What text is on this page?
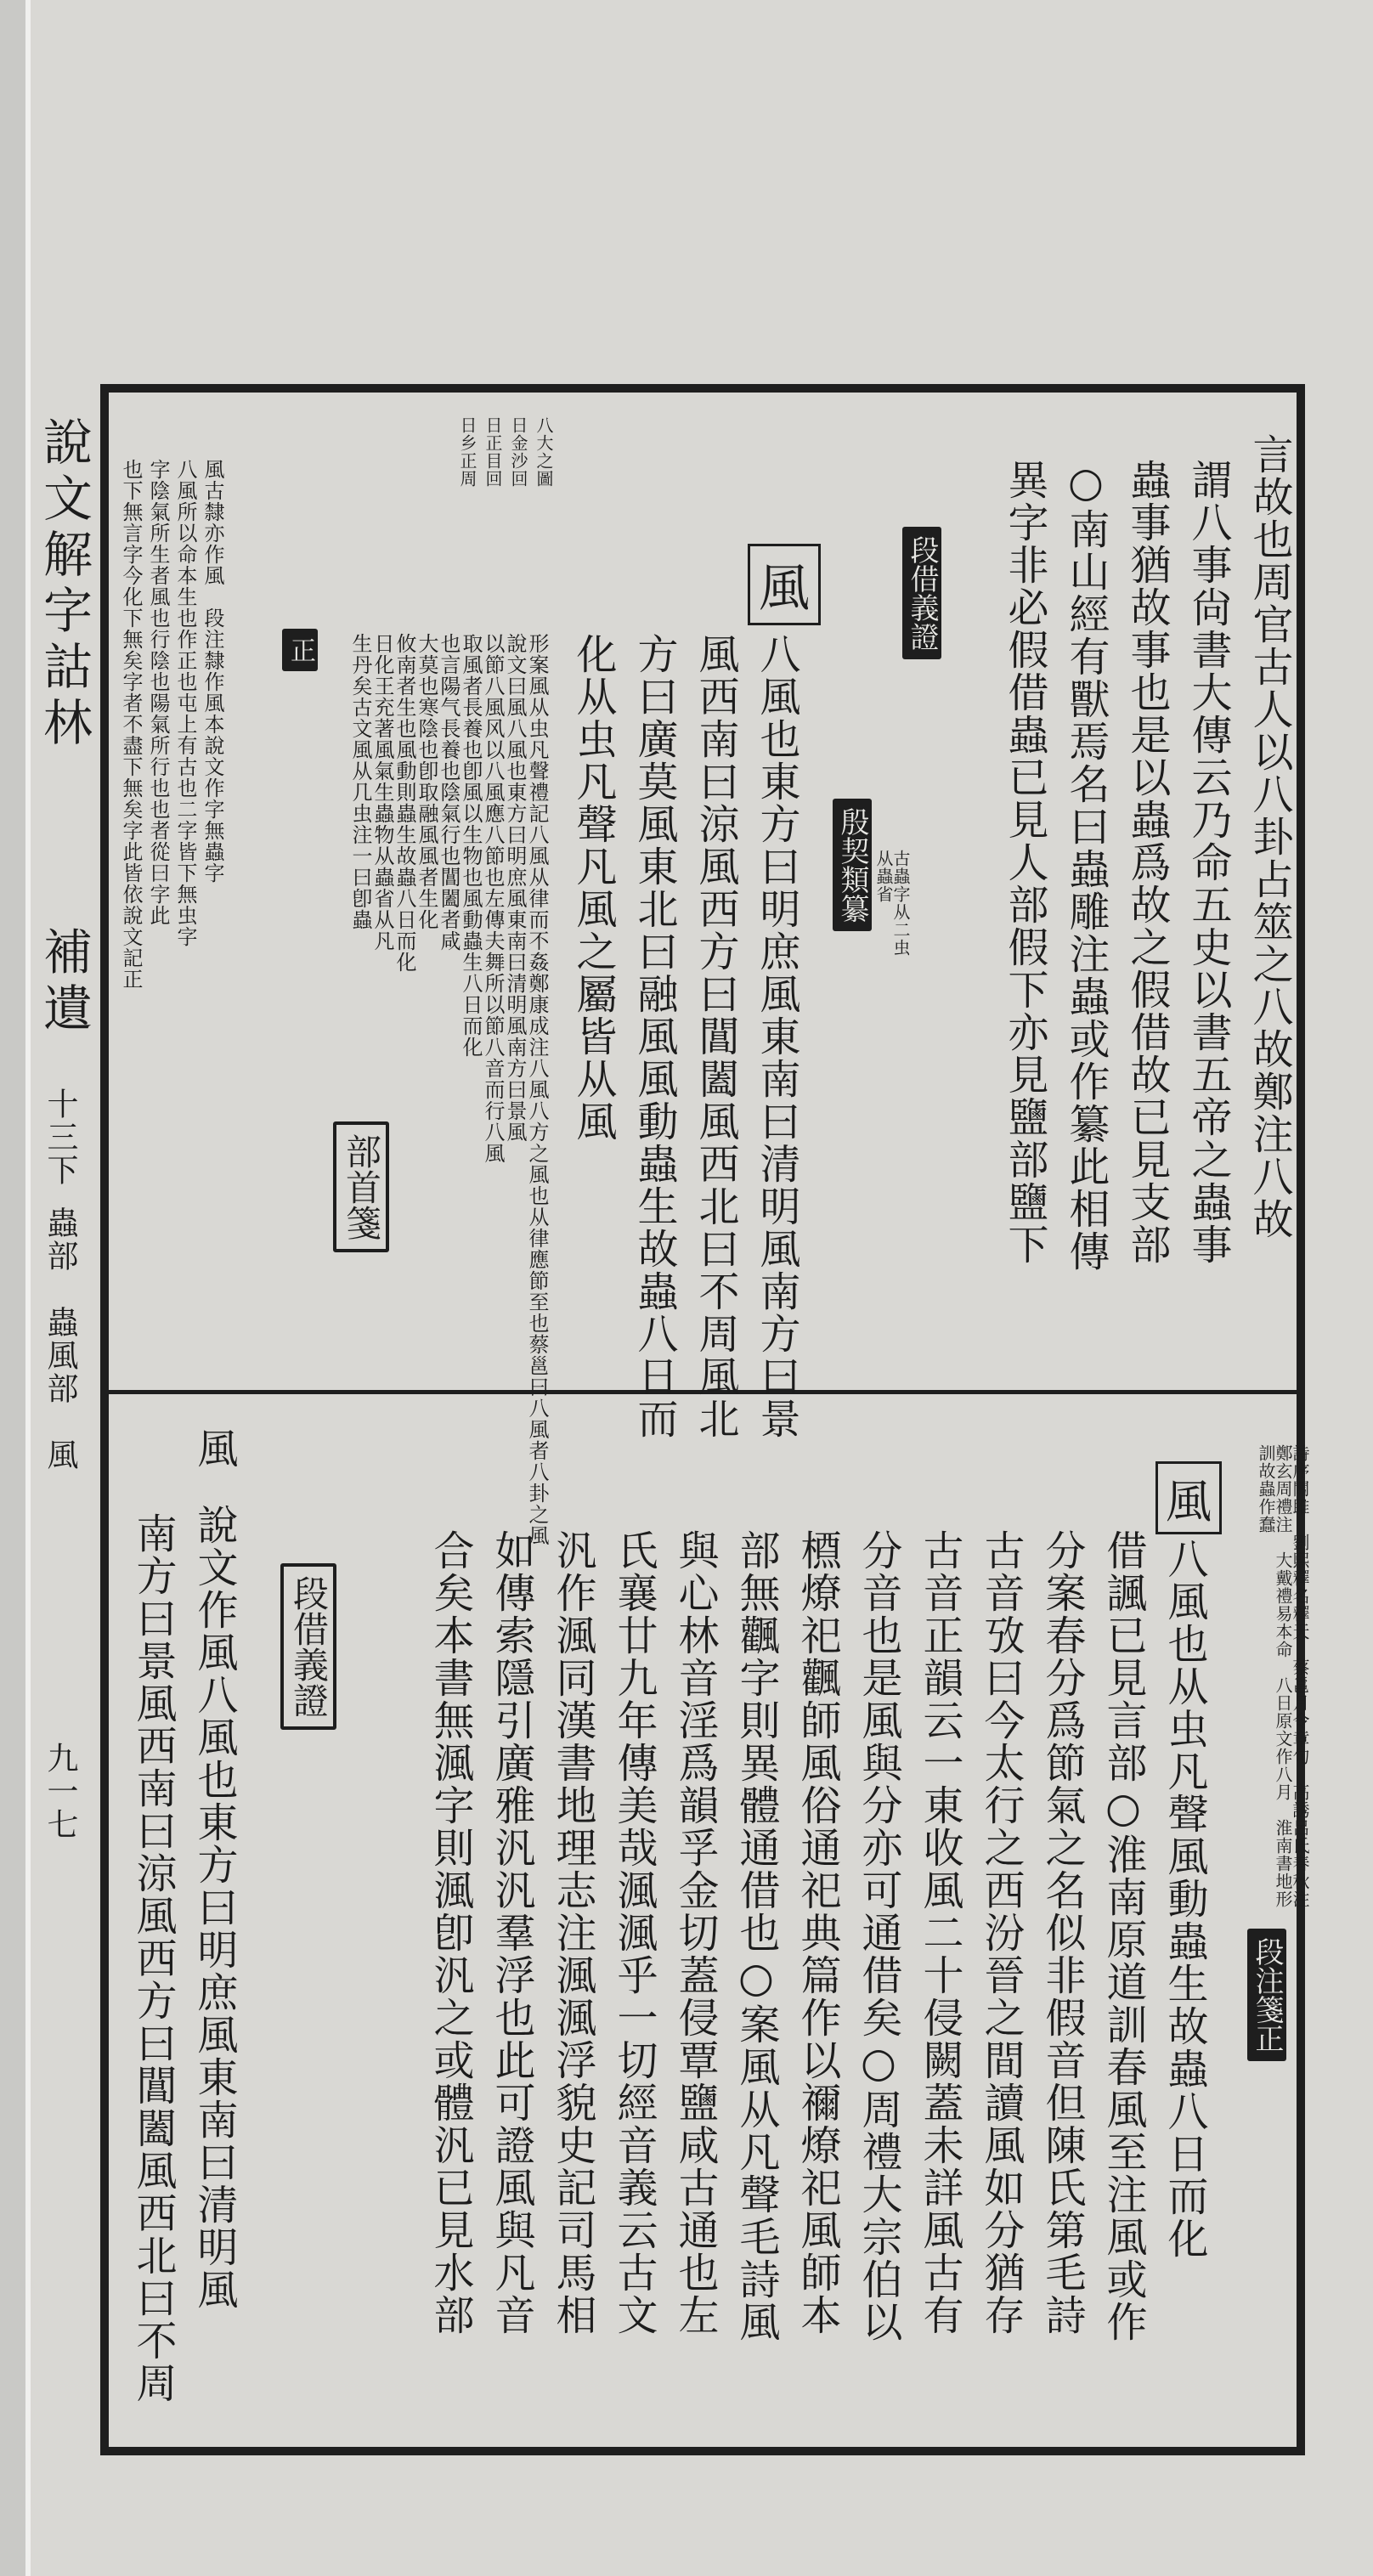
說文解字詁林
補遺
十三下
蟲部　蟲風部　風
九一七
言故也周官古人以八卦占筮之八故鄭注八故
謂八事尙書大傳云乃命五史以書五帝之蟲事
蟲事猶故事也是以蟲爲故之假借故已見支部
○南山經有獸焉名曰蟲雕注蟲或作纂此相傳
異字非必假借蟲已見人部假下亦見鹽部鹽下
段借義證
古蟲字从二虫
从蟲省
殷契類纂
風
八風也東方曰明庶風東南曰清明風南方曰景
風西南曰涼風西方曰閶闔風西北曰不周風北
方曰廣莫風東北曰融風風動蟲生故蟲八日而
化从虫凡聲凡風之屬皆从風
形案風从虫凡聲禮記八風从律而不姦鄭康成注八風八方之風也从律應節至也蔡邕曰八風者八卦之風
說文曰風八風也東方曰明庶風東南曰清明風南方曰景風
以節八風风以八風應八節也左傳夫舞所以節八音而行八風
取風者長養也卽風以生物也風動蟲生八日而化
也言陽气長養也陰氣行也閶闔者咸
大莫也寒陰也卽取融風風者生化
攸南者生也風動則蟲生故蟲八日而化
日化王充著風氣生蟲物从蟲省从凡
生丹矣古文風从几虫注一曰卽蟲
部首箋
正
日乡正周 日正目回 日金沙回 八大之圖
風古隸亦作風　段注隸作風本說文作字無蟲字
八風所以命本生也作正也屯上有古也二字皆下無虫字
字陰氣所生者風也行陰也陽氣所行也也者從曰字此
也下無言字今化下無矣字者不盡下無矣字此皆依說文記正
詩序關雎　劉熙釋名釋天　蔡邕月令章句　高誘呂氏春秋注　鄭玄周禮注　大戴禮易本命　八日原文作八月　淮南書地形訓故蟲作蠢
段注箋正
風
八風也从虫凡聲風動蟲生故蟲八日而化
借諷已見言部○淮南原道訓春風至注風或作
分案春分爲節氣之名似非假音但陳氏第毛詩
古音攷曰今太行之西汾晉之間讀風如分猶存
古音正韻云一東收風二十侵闕蓋未詳風古有
分音也是風與分亦可通借矣○周禮大宗伯以
槱燎祀飌師風俗通祀典篇作以禰燎祀風師本
部無飌字則異體通借也○案風从凡聲毛詩風
與心林音淫爲韻孚金切蓋侵覃鹽咸古通也左
氏襄廿九年傳美哉渢渢乎一切經音義云古文
汎作渢同漢書地理志注渢渢浮貌史記司馬相
如傳索隱引廣雅汎汎羣浮也此可證風與凡音
合矣本書無渢字則渢卽汎之或體汎已見水部
段借義證
風
說文作風八風也東方曰明庶風東南曰清明風
南方曰景風西南曰涼風西方曰閶闔風西北曰不周
